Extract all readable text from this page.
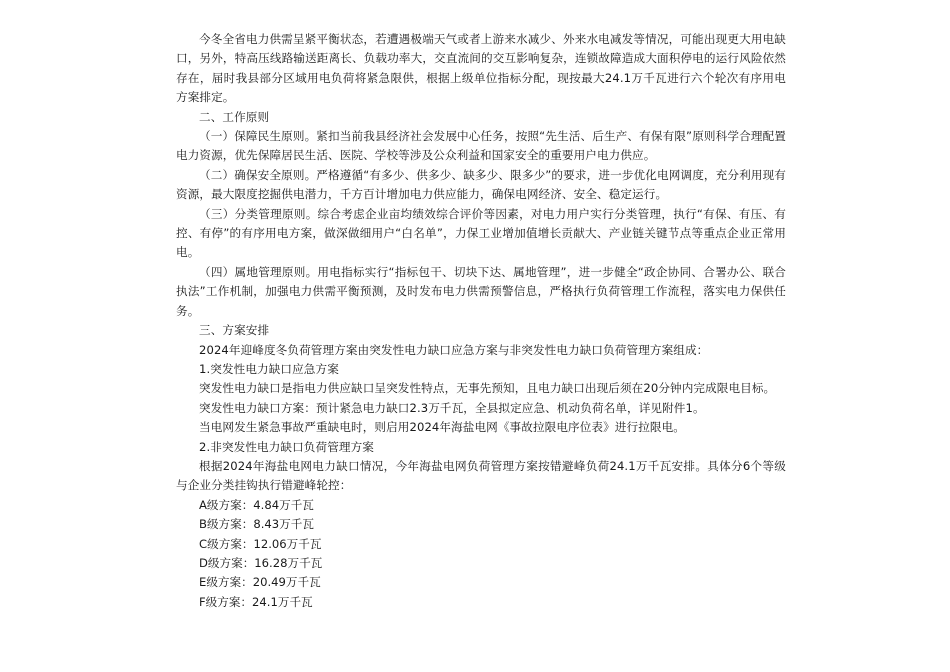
今冬全省电力供需呈紧平衡状态，若遭遇极端天气或者上游来水减少、外来水电减发等情况，可能出现更大用电缺口，另外，特高压线路输送距离长、负载功率大，交直流间的交互影响复杂，连锁故障造成大面积停电的运行风险依然存在，届时我县部分区域用电负荷将紧急限供，根据上级单位指标分配，现按最大24.1万千瓦进行六个轮次有序用电方案排定。

二、工作原则

（一）保障民生原则。紧扣当前我县经济社会发展中心任务，按照“先生活、后生产、有保有限”原则科学合理配置电力资源，优先保障居民生活、医院、学校等涉及公众利益和国家安全的重要用户电力供应。

（二）确保安全原则。严格遵循“有多少、供多少、缺多少、限多少”的要求，进一步优化电网调度，充分利用现有资源，最大限度挖掘供电潜力，千方百计增加电力供应能力，确保电网经济、安全、稳定运行。

（三）分类管理原则。综合考虑企业亩均绩效综合评价等因素，对电力用户实行分类管理，执行“有保、有压、有控、有停”的有序用电方案，做深做细用户“白名单”，力保工业增加值增长贡献大、产业链关键节点等重点企业正常用电。

（四）属地管理原则。用电指标实行“指标包干、切块下达、属地管理”，进一步健全“政企协同、合署办公、联合执法”工作机制，加强电力供需平衡预测，及时发布电力供需预警信息，严格执行负荷管理工作流程，落实电力保供任务。

三、方案安排

2024年迎峰度冬负荷管理方案由突发性电力缺口应急方案与非突发性电力缺口负荷管理方案组成：

1.突发性电力缺口应急方案

突发性电力缺口是指电力供应缺口呈突发性特点，无事先预知，且电力缺口出现后须在20分钟内完成限电目标。

突发性电力缺口方案：预计紧急电力缺口2.3万千瓦，全县拟定应急、机动负荷名单，详见附件1。

当电网发生紧急事故严重缺电时，则启用2024年海盐电网《事故拉限电序位表》进行拉限电。

2.非突发性电力缺口负荷管理方案

根据2024年海盐电网电力缺口情况，今年海盐电网负荷管理方案按错避峰负荷24.1万千瓦安排。具体分6个等级与企业分类挂钩执行错避峰轮控：

A级方案：4.84万千瓦
B级方案：8.43万千瓦
C级方案：12.06万千瓦
D级方案：16.28万千瓦
E级方案：20.49万千瓦
F级方案：24.1万千瓦
